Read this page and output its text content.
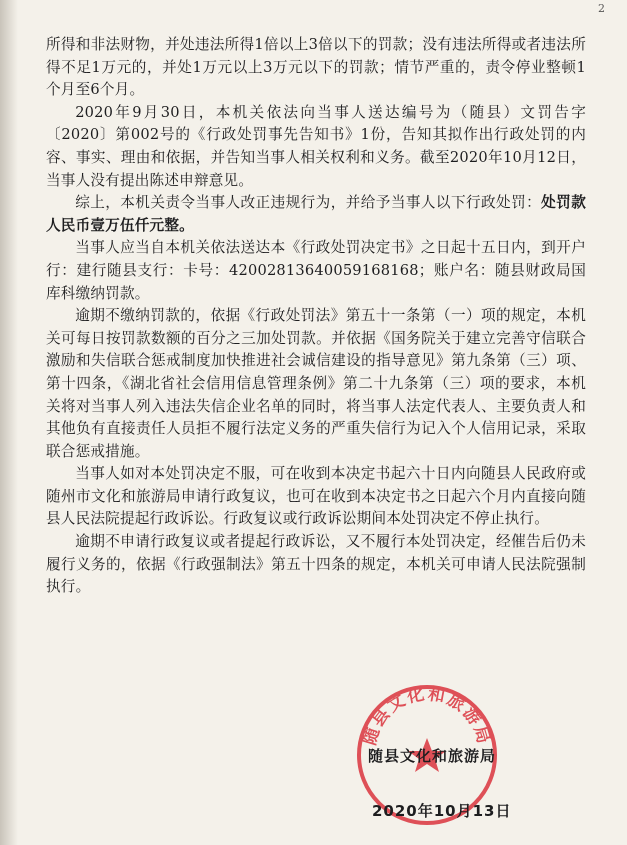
2

所得和非法财物，并处违法所得1倍以上3倍以下的罚款；没有违法所得或者违法所得不足1万元的，并处1万元以上3万元以下的罚款；情节严重的，责令停业整顿1个月至6个月。

2020年9月30日，本机关依法向当事人送达编号为（随县）文罚告字〔2020〕第002号的《行政处罚事先告知书》1份，告知其拟作出行政处罚的内容、事实、理由和依据，并告知当事人相关权利和义务。截至2020年10月12日，当事人没有提出陈述申辩意见。

综上，本机关责令当事人改正违规行为，并给予当事人以下行政处罚：处罚款人民币壹万伍仟元整。

当事人应当自本机关依法送达本《行政处罚决定书》之日起十五日内，到开户行：建行随县支行：卡号：42002813640059168168；账户名：随县财政局国库科缴纳罚款。

逾期不缴纳罚款的，依据《行政处罚法》第五十一条第（一）项的规定，本机关可每日按罚款数额的百分之三加处罚款。并依据《国务院关于建立完善守信联合激励和失信联合惩戒制度加快推进社会诚信建设的指导意见》第九条第（三）项、第十四条，《湖北省社会信用信息管理条例》第二十九条第（三）项的要求，本机关将对当事人列入违法失信企业名单的同时，将当事人法定代表人、主要负责人和其他负有直接责任人员拒不履行法定义务的严重失信行为记入个人信用记录，采取联合惩戒措施。

当事人如对本处罚决定不服，可在收到本决定书起六十日内向随县人民政府或随州市文化和旅游局申请行政复议，也可在收到本决定书之日起六个月内直接向随县人民法院提起行政诉讼。行政复议或行政诉讼期间本处罚决定不停止执行。

逾期不申请行政复议或者提起行政诉讼，又不履行本处罚决定，经催告后仍未履行义务的，依据《行政强制法》第五十四条的规定，本机关可申请人民法院强制执行。

随县文化和旅游局
随县文化和旅游局
2020年10月13日
